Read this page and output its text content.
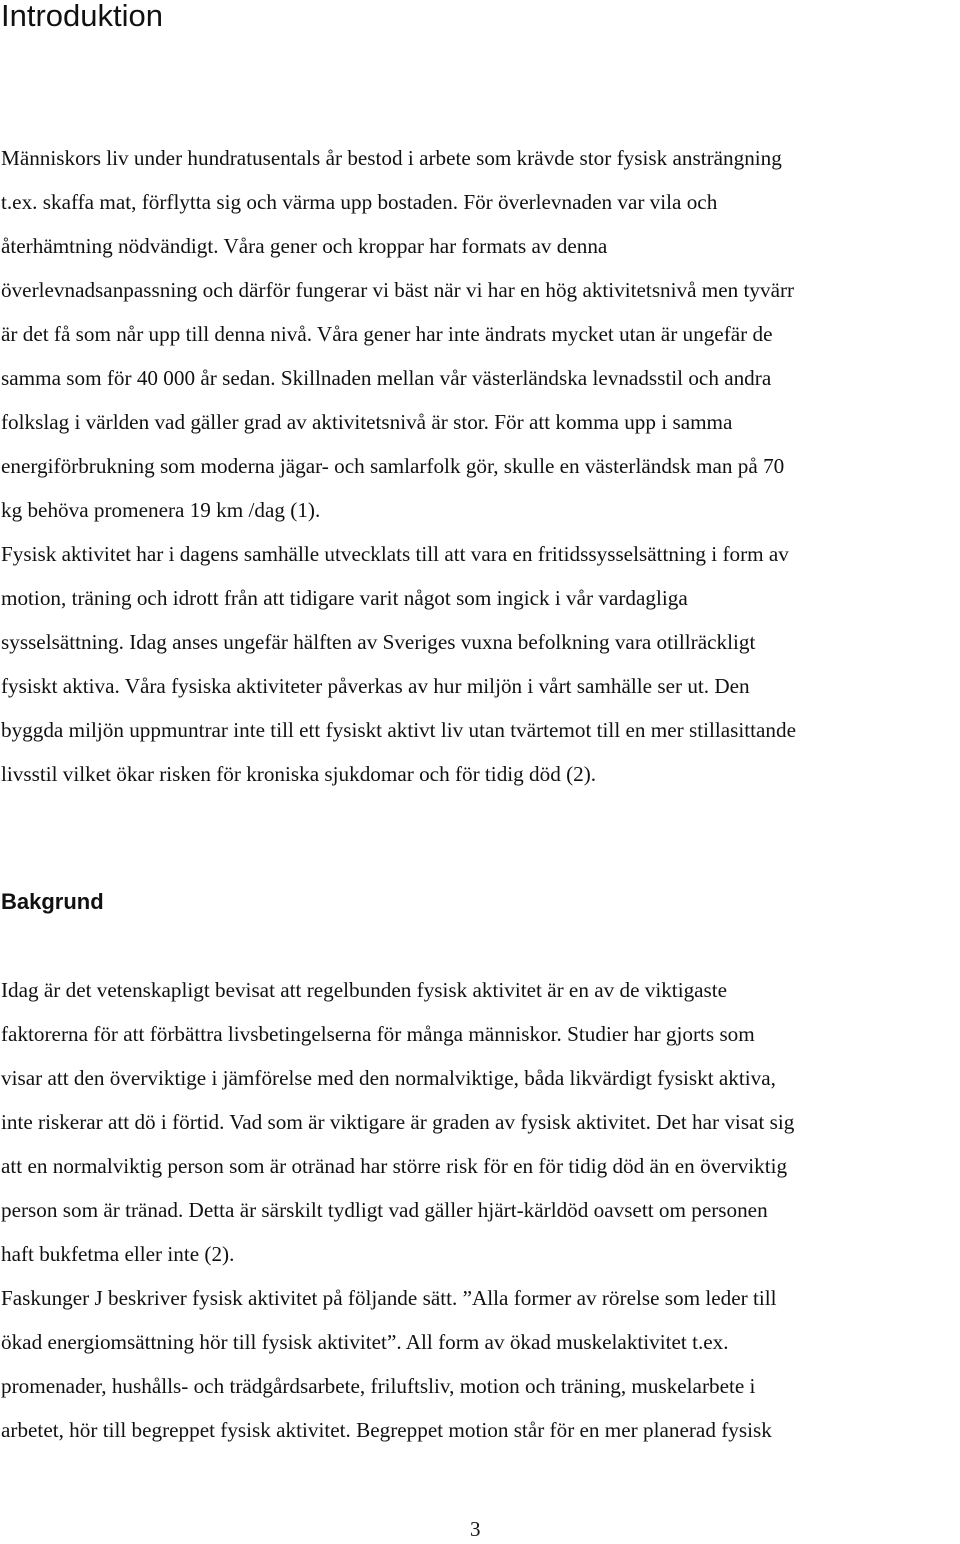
Introduktion
Människors liv under hundratusentals år bestod i arbete som krävde stor fysisk ansträngning
t.ex. skaffa mat, förflytta sig och värma upp bostaden. För överlevnaden var vila och
återhämtning nödvändigt. Våra gener och kroppar har formats av denna
överlevnadsanpassning och därför fungerar vi bäst när vi har en hög aktivitetsnivå men tyvärr
är det få som når upp till denna nivå. Våra gener har inte ändrats mycket utan är ungefär de
samma som för 40 000 år sedan. Skillnaden mellan vår västerländska levnadsstil och andra
folkslag i världen vad gäller grad av aktivitetsnivå är stor. För att komma upp i samma
energiförbrukning som moderna jägar- och samlarfolk gör, skulle en västerländsk man på 70
kg behöva promenera 19 km /dag (1).
Fysisk aktivitet har i dagens samhälle utvecklats till att vara en fritidssysselsättning i form av
motion, träning och idrott från att tidigare varit något som ingick i vår vardagliga
sysselsättning. Idag anses ungefär hälften av Sveriges vuxna befolkning vara otillräckligt
fysiskt aktiva. Våra fysiska aktiviteter påverkas av hur miljön i vårt samhälle ser ut. Den
byggda miljön uppmuntrar inte till ett fysiskt aktivt liv utan tvärtemot till en mer stillasittande
livsstil vilket ökar risken för kroniska sjukdomar och för tidig död (2).
Bakgrund
Idag är det vetenskapligt bevisat att regelbunden fysisk aktivitet är en av de viktigaste
faktorerna för att förbättra livsbetingelserna för många människor. Studier har gjorts som
visar att den överviktige i jämförelse med den normalviktige, båda likvärdigt fysiskt aktiva,
inte riskerar att dö i förtid. Vad som är viktigare är graden av fysisk aktivitet. Det har visat sig
att en normalviktig person som är otränad har större risk för en för tidig död än en överviktig
person som är tränad. Detta är särskilt tydligt vad gäller hjärt-kärldöd oavsett om personen
haft bukfetma eller inte (2).
Faskunger J beskriver fysisk aktivitet på följande sätt. ”Alla former av rörelse som leder till
ökad energiomsättning hör till fysisk aktivitet”. All form av ökad muskelaktivitet t.ex.
promenader, hushålls- och trädgårdsarbete, friluftsliv, motion och träning, muskelarbete i
arbetet, hör till begreppet fysisk aktivitet. Begreppet motion står för en mer planerad fysisk
3
